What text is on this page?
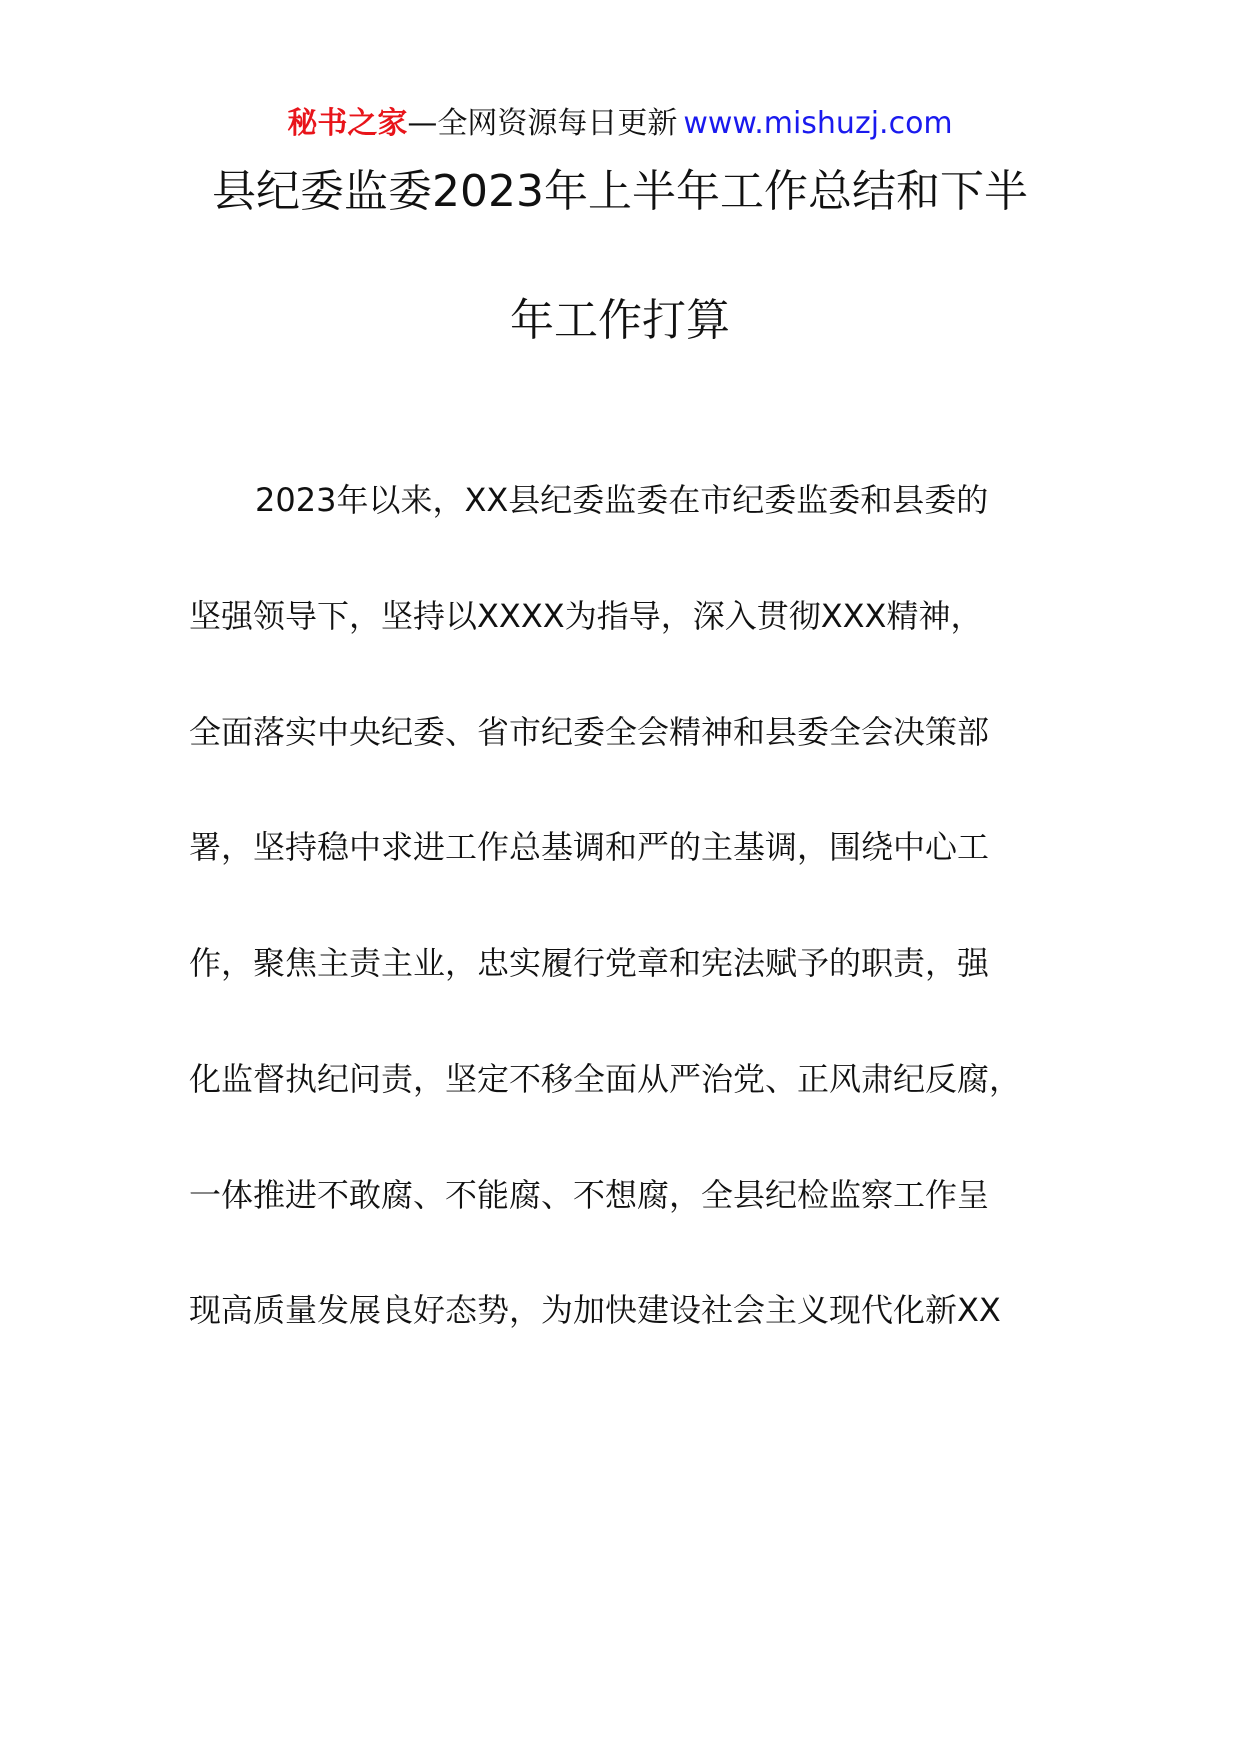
秘书之家—全网资源每日更新 www.mishuzj.com
县纪委监委2023年上半年工作总结和下半
年工作打算
2023年以来，XX县纪委监委在市纪委监委和县委的
坚强领导下，坚持以XXXX为指导，深入贯彻XXX精神，
全面落实中央纪委、省市纪委全会精神和县委全会决策部
署，坚持稳中求进工作总基调和严的主基调，围绕中心工
作，聚焦主责主业，忠实履行党章和宪法赋予的职责，强
化监督执纪问责，坚定不移全面从严治党、正风肃纪反腐，
一体推进不敢腐、不能腐、不想腐，全县纪检监察工作呈
现高质量发展良好态势，为加快建设社会主义现代化新XX
